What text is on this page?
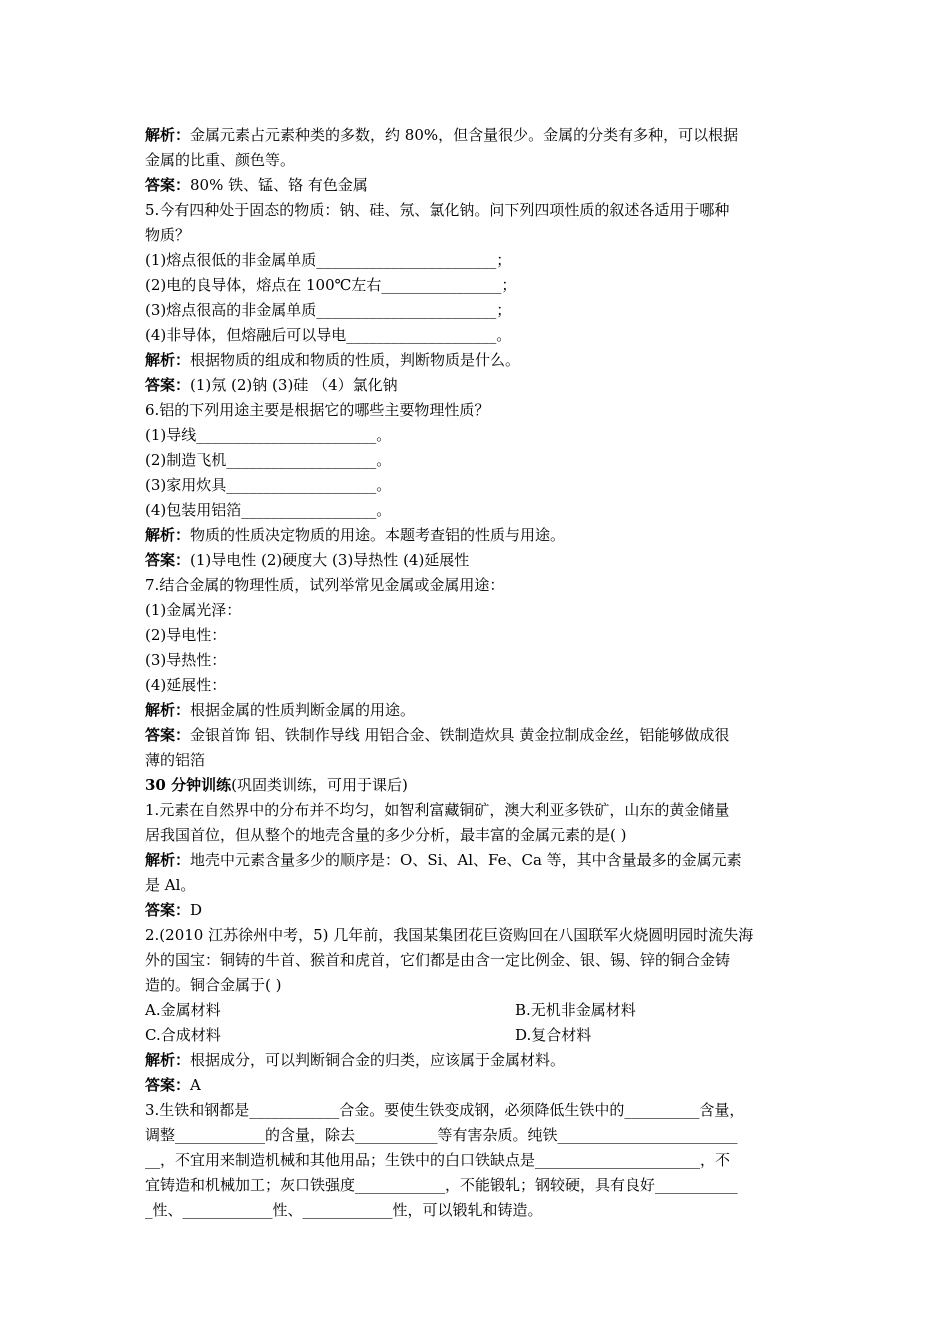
解析：金属元素占元素种类的多数，约 80%，但含量很少。金属的分类有多种，可以根据
金属的比重、颜色等。
答案：80% 铁、锰、铬 有色金属
5.今有四种处于固态的物质：钠、硅、氖、氯化钠。问下列四项性质的叙述各适用于哪种
物质？
(1)熔点很低的非金属单质________________________；
(2)电的良导体，熔点在 100℃左右________________；
(3)熔点很高的非金属单质________________________；
(4)非导体，但熔融后可以导电____________________。
解析：根据物质的组成和物质的性质，判断物质是什么。
答案：(1)氖 (2)钠 (3)硅 （4）氯化钠
6.铝的下列用途主要是根据它的哪些主要物理性质？
(1)导线________________________。
(2)制造飞机____________________。
(3)家用炊具____________________。
(4)包装用铝箔__________________。
解析：物质的性质决定物质的用途。本题考查铝的性质与用途。
答案：(1)导电性 (2)硬度大 (3)导热性 (4)延展性
7.结合金属的物理性质，试列举常见金属或金属用途：
(1)金属光泽：
(2)导电性：
(3)导热性：
(4)延展性：
解析：根据金属的性质判断金属的用途。
答案：金银首饰 铝、铁制作导线 用铝合金、铁制造炊具 黄金拉制成金丝，铝能够做成很
薄的铝箔
30 分钟训练(巩固类训练，可用于课后)
1.元素在自然界中的分布并不均匀，如智利富藏铜矿，澳大利亚多铁矿，山东的黄金储量
居我国首位，但从整个的地壳含量的多少分析，最丰富的金属元素的是( )
解析：地壳中元素含量多少的顺序是：O、Si、Al、Fe、Ca 等，其中含量最多的金属元素
是 Al。
答案：D
2.(2010 江苏徐州中考，5) 几年前，我国某集团花巨资购回在八国联军火烧圆明园时流失海
外的国宝：铜铸的牛首、猴首和虎首，它们都是由含一定比例金、银、锡、锌的铜合金铸
造的。铜合金属于( )
A.金属材料	B.无机非金属材料
C.合成材料	D.复合材料
解析：根据成分，可以判断铜合金的归类，应该属于金属材料。
答案：A
3.生铁和钢都是____________合金。要使生铁变成钢，必须降低生铁中的__________含量，
调整____________的含量，除去___________等有害杂质。纯铁________________________
__，不宜用来制造机械和其他用品；生铁中的白口铁缺点是______________________，不
宜铸造和机械加工；灰口铁强度____________，不能锻轧；钢较硬，具有良好___________
_性、____________性、____________性，可以锻轧和铸造。
